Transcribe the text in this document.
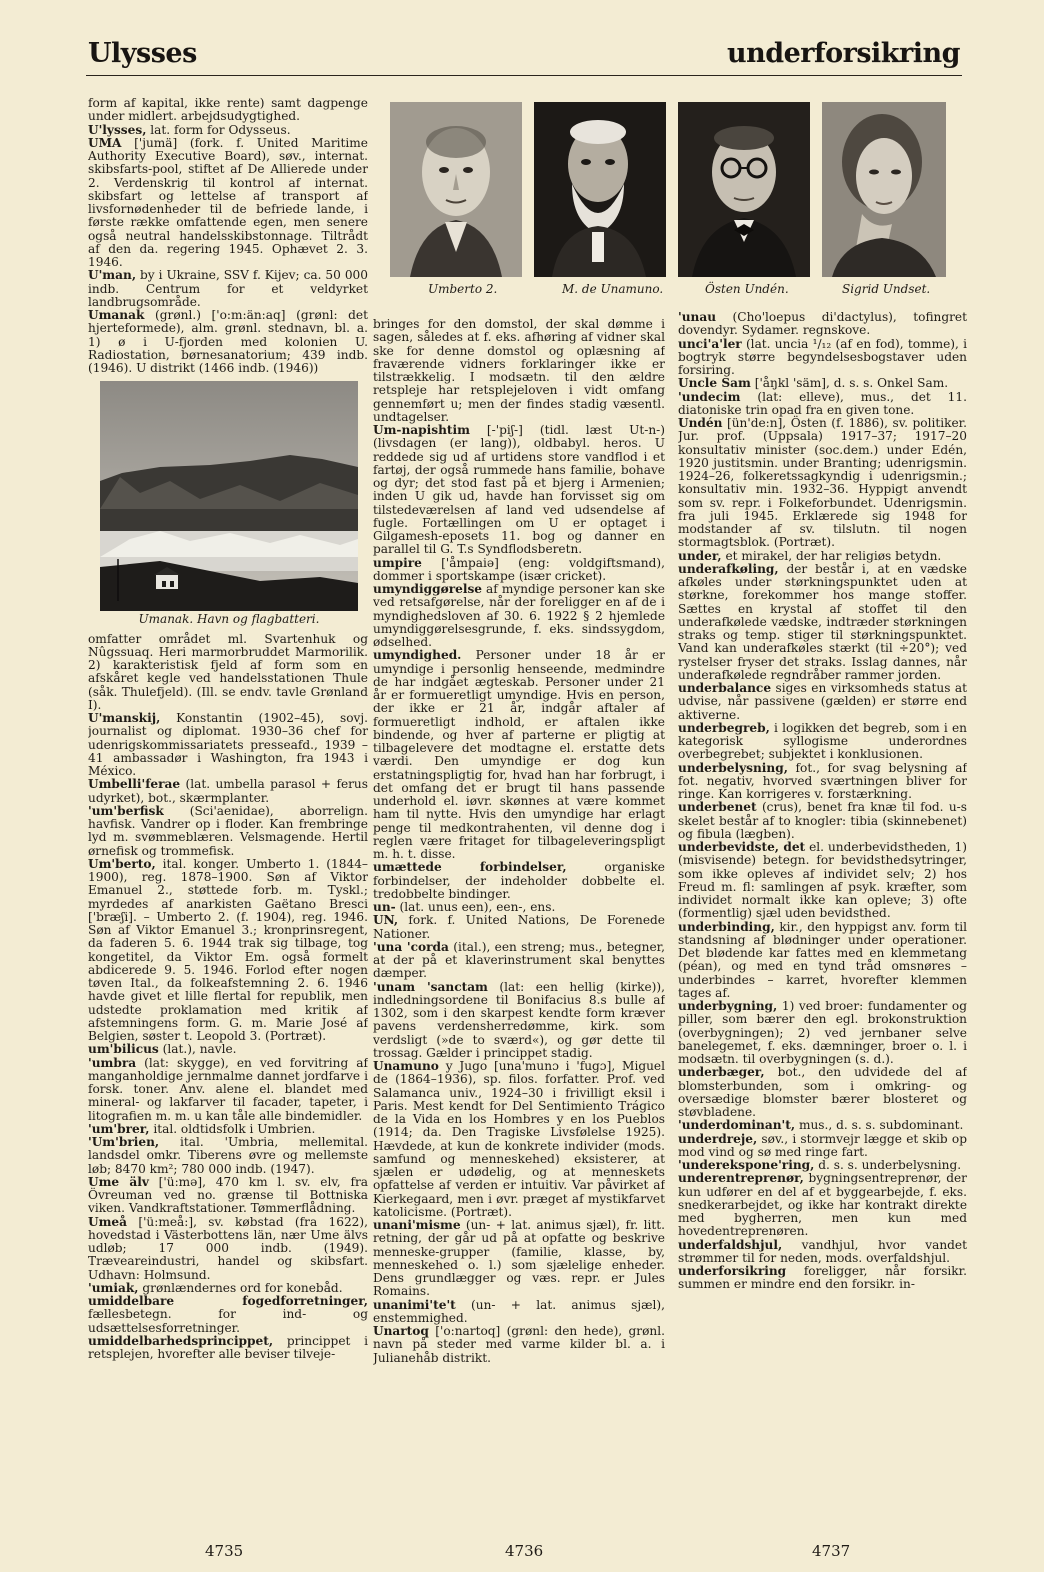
Ulysses	underforsikring
Umberto 2.	M. de Unamuno.	Östen Undén.	Sigrid Undset.

form af kapital, ikke rente) samt dagpenge under midlert. arbejdsudygtighed.

U'lysses, lat. form for Odysseus.

UMA ['jumä] (fork. f. United Maritime Authority Executive Board), søv., internat. skibsfarts-pool, stiftet af De Allierede under 2. Verdenskrig til kontrol af internat. skibsfart og lettelse af transport af livsfornødenheder til de befriede lande, i første række omfattende egen, men senere også neutral handelsskibstonnage. Tiltrådt af den da. regering 1945. Ophævet 2. 3. 1946.

U'man, by i Ukraine, SSV f. Kijev; ca. 50 000 indb. Centrum for et veldyrket landbrugsområde.

Umanak (grønl.) ['o:m:än:aq] (grønl: det hjerteformede), alm. grønl. stednavn, bl. a. 1) ø i U-fjorden med kolonien U. Radiostation, børnesanatorium; 439 indb. (1946). U distrikt (1466 indb. (1946))

Umanak. Havn og flagbatteri.

omfatter området ml. Svartenhuk og Nûgssuaq. Heri marmorbruddet Marmorilik. 2) karakteristisk fjeld af form som en afskåret kegle ved handelsstationen Thule (såk. Thulefjeld). (Ill. se endv. tavle Grønland I).

U'manskij, Konstantin (1902–45), sovj. journalist og diplomat. 1930–36 chef for udenrigskommissariatets presseafd., 1939 –41 ambassadør i Washington, fra 1943 i México.

Umbelli'ferae (lat. umbella parasol + ferus udyrket), bot., skærmplanter.

'um'berfisk (Sci'aenidae), aborrelign. havfisk. Vandrer op i floder. Kan frembringe lyd m. svømmeblæren. Velsmagende. Hertil ørnefisk og trommefisk.

Um'berto, ital. konger. Umberto 1. (1844–1900), reg. 1878–1900. Søn af Viktor Emanuel 2., støttede forb. m. Tyskl.; myrdedes af anarkisten Gaëtano Bresci ['bræʃi]. – Umberto 2. (f. 1904), reg. 1946. Søn af Viktor Emanuel 3.; kronprinsregent, da faderen 5. 6. 1944 trak sig tilbage, tog kongetitel, da Viktor Em. også formelt abdicerede 9. 5. 1946. Forlod efter nogen tøven Ital., da folkeafstemning 2. 6. 1946 havde givet et lille flertal for republik, men udstedte proklamation med kritik af afstemningens form. G. m. Marie José af Belgien, søster t. Leopold 3. (Portræt).

um'bilicus (lat.), navle.

'umbra (lat: skygge), en ved forvitring af manganholdige jernmalme dannet jordfarve i forsk. toner. Anv. alene el. blandet med mineral- og lakfarver til facader, tapeter, i litografien m. m. u kan tåle alle bindemidler.

'um'brer, ital. oldtidsfolk i Umbrien.

'Um'brien, ital. 'Umbria, mellemital. landsdel omkr. Tiberens øvre og mellemste løb; 8470 km²; 780 000 indb. (1947).

Ume älv ['ü:mə], 470 km l. sv. elv, fra Övreuman ved no. grænse til Bottniska viken. Vandkraftstationer. Tømmerflådning.

Umeå ['ü:meå:], sv. købstad (fra 1622), hovedstad i Västerbottens län, nær Ume älvs udløb; 17 000 indb. (1949). Træveareindustri, handel og skibsfart. Udhavn: Holmsund.

'umiak, grønlændernes ord for konebåd.

umiddelbare fogedforretninger, fællesbetegn. for ind- og udsættelsesforretninger.

umiddelbarhedsprincippet, princippet i retsplejen, hvorefter alle beviser tilveje-

bringes for den domstol, der skal dømme i sagen, således at f. eks. afhøring af vidner skal ske for denne domstol og oplæsning af fraværende vidners forklaringer ikke er tilstrækkelig. I modsætn. til den ældre retspleje har retsplejeloven i vidt omfang gennemført u; men der findes stadig væsentl. undtagelser.

Um-napishtim [-'piʃ-] (tidl. læst Ut-n-) (livsdagen (er lang)), oldbabyl. heros. U reddede sig ud af urtidens store vandflod i et fartøj, der også rummede hans familie, bohave og dyr; det stod fast på et bjerg i Armenien; inden U gik ud, havde han forvisset sig om tilstedeværelsen af land ved udsendelse af fugle. Fortællingen om U er optaget i Gilgamesh-eposets 11. bog og danner en parallel til G. T.s Syndflodsberetn.

umpire ['åmpaiə] (eng: voldgiftsmand), dommer i sportskampe (især cricket).

umyndiggørelse af myndige personer kan ske ved retsafgørelse, når der foreligger en af de i myndighedsloven af 30. 6. 1922 § 2 hjemlede umyndiggørelsesgrunde, f. eks. sindssygdom, ødselhed.

umyndighed. Personer under 18 år er umyndige i personlig henseende, medmindre de har indgået ægteskab. Personer under 21 år er formueretligt umyndige. Hvis en person, der ikke er 21 år, indgår aftaler af formueretligt indhold, er aftalen ikke bindende, og hver af parterne er pligtig at tilbagelevere det modtagne el. erstatte dets værdi. Den umyndige er dog kun erstatningspligtig for, hvad han har forbrugt, i det omfang det er brugt til hans passende underhold el. iøvr. skønnes at være kommet ham til nytte. Hvis den umyndige har erlagt penge til medkontrahenten, vil denne dog i reglen være fritaget for tilbageleveringspligt m. h. t. disse.

umættede forbindelser, organiske forbindelser, der indeholder dobbelte el. tredobbelte bindinger.

un- (lat. unus een), een-, ens.

UN, fork. f. United Nations, De Forenede Nationer.

'una 'corda (ital.), een streng; mus., betegner, at der på et klaverinstrument skal benyttes dæmper.

'unam 'sanctam (lat: een hellig (kirke)), indledningsordene til Bonifacius 8.s bulle af 1302, som i den skarpest kendte form kræver pavens verdensherredømme, kirk. som verdsligt (»de to sværd«), og gør dette til trossag. Gælder i princippet stadig.

Unamuno y Jugo [una'munɔ i 'fugɔ], Miguel de (1864–1936), sp. filos. forfatter. Prof. ved Salamanca univ., 1924–30 i frivilligt eksil i Paris. Mest kendt for Del Sentimiento Trágico de la Vida en los Hombres y en los Pueblos (1914; da. Den Tragiske Livsfølelse 1925). Hævdede, at kun de konkrete individer (mods. samfund og menneskehed) eksisterer, at sjælen er udødelig, og at menneskets opfattelse af verden er intuitiv. Var påvirket af Kierkegaard, men i øvr. præget af mystikfarvet katolicisme. (Portræt).

unani'misme (un- + lat. animus sjæl), fr. litt. retning, der går ud på at opfatte og beskrive menneske-grupper (familie, klasse, by, menneskehed o. l.) som sjælelige enheder. Dens grundlægger og væs. repr. er Jules Romains.

unanimi'te't (un- + lat. animus sjæl), enstemmighed.

Unartoq ['o:nartoq] (grønl: den hede), grønl. navn på steder med varme kilder bl. a. i Julianehåb distrikt.

'unau (Cho'loepus di'dactylus), tofingret dovendyr. Sydamer. regnskove.

unci'a'ler (lat. uncia ¹/₁₂ (af en fod), tomme), i bogtryk større begyndelsesbogstaver uden forsiring.

Uncle Sam ['åŋkl 'säm], d. s. s. Onkel Sam.

'undecim (lat: elleve), mus., det 11. diatoniske trin opad fra en given tone.

Undén [ün'de:n], Östen (f. 1886), sv. politiker. Jur. prof. (Uppsala) 1917–37; 1917–20 konsultativ minister (soc.dem.) under Edén, 1920 justitsmin. under Branting; udenrigsmin. 1924–26, folkeretssagkyndig i udenrigsmin.; konsultativ min. 1932–36. Hyppigt anvendt som sv. repr. i Folkeforbundet. Udenrigsmin. fra juli 1945. Erklærede sig 1948 for modstander af sv. tilslutn. til nogen stormagtsblok. (Portræt).

under, et mirakel, der har religiøs betydn.

underafkøling, der består i, at en vædske afkøles under størkningspunktet uden at størkne, forekommer hos mange stoffer. Sættes en krystal af stoffet til den underafkølede vædske, indtræder størkningen straks og temp. stiger til størkningspunktet. Vand kan underafkøles stærkt (til ÷20°); ved rystelser fryser det straks. Isslag dannes, når underafkølede regndråber rammer jorden.

underbalance siges en virksomheds status at udvise, når passivene (gælden) er større end aktiverne.

underbegreb, i logikken det begreb, som i en kategorisk syllogisme underordnes overbegrebet; subjektet i konklusionen.

underbelysning, fot., for svag belysning af fot. negativ, hvorved sværtningen bliver for ringe. Kan korrigeres v. forstærkning.

underbenet (crus), benet fra knæ til fod. u-s skelet består af to knogler: tibia (skinnebenet) og fibula (lægben).

underbevidste, det el. underbevidstheden, 1) (misvisende) betegn. for bevidsthedsytringer, som ikke opleves af individet selv; 2) hos Freud m. fl: samlingen af psyk. kræfter, som individet normalt ikke kan opleve; 3) ofte (formentlig) sjæl uden bevidsthed.

underbinding, kir., den hyppigst anv. form til standsning af blødninger under operationer. Det blødende kar fattes med en klemmetang (péan), og med en tynd tråd omsnøres – underbindes – karret, hvorefter klemmen tages af.

underbygning, 1) ved broer: fundamenter og piller, som bærer den egl. brokonstruktion (overbygningen); 2) ved jernbaner selve banelegemet, f. eks. dæmninger, broer o. l. i modsætn. til overbygningen (s. d.).

underbæger, bot., den udvidede del af blomsterbunden, som i omkring- og oversædige blomster bærer blosteret og støvbladene.

'underdominan't, mus., d. s. s. subdominant.

underdreje, søv., i stormvejr lægge et skib op mod vind og sø med ringe fart.

'undereksponе'ring, d. s. s. underbelysning.

underentreprenør, bygningsentreprenør, der kun udfører en del af et byggearbejde, f. eks. snedkerarbejdet, og ikke har kontrakt direkte med bygherren, men kun med hovedentreprenøren.

underfaldshjul, vandhjul, hvor vandet strømmer til for neden, mods. overfaldshjul.

underforsikring foreligger, når forsikr. summen er mindre end den forsikr. in-

4735	4736	4737
